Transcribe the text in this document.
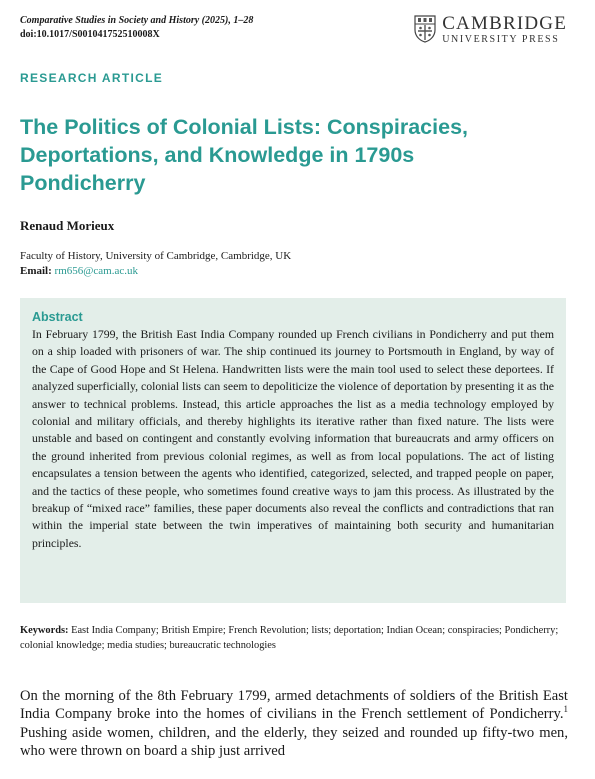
Comparative Studies in Society and History (2025), 1–28
doi:10.1017/S001041752510008X
CAMBRIDGE
UNIVERSITY PRESS
RESEARCH ARTICLE
The Politics of Colonial Lists: Conspiracies, Deportations, and Knowledge in 1790s Pondicherry
Renaud Morieux
Faculty of History, University of Cambridge, Cambridge, UK
Email: rm656@cam.ac.uk
Abstract

In February 1799, the British East India Company rounded up French civilians in Pondicherry and put them on a ship loaded with prisoners of war. The ship continued its journey to Portsmouth in England, by way of the Cape of Good Hope and St Helena. Handwritten lists were the main tool used to select these deportees. If analyzed superficially, colonial lists can seem to depoliticize the violence of deportation by presenting it as the answer to technical problems. Instead, this article approaches the list as a media technology employed by colonial and military officials, and thereby highlights its iterative rather than fixed nature. The lists were unstable and based on contingent and constantly evolving information that bureaucrats and army officers on the ground inherited from previous colonial regimes, as well as from local populations. The act of listing encapsulates a tension between the agents who identified, categorized, selected, and trapped people on paper, and the tactics of these people, who sometimes found creative ways to jam this process. As illustrated by the breakup of “mixed race” families, these paper documents also reveal the conflicts and contradictions that ran within the imperial state between the twin imperatives of maintaining both security and humanitarian principles.

Keywords: East India Company; British Empire; French Revolution; lists; deportation; Indian Ocean; conspiracies; Pondicherry; colonial knowledge; media studies; bureaucratic technologies

On the morning of the 8th February 1799, armed detachments of soldiers of the British East India Company broke into the homes of civilians in the French settlement of Pondicherry.$^1$ Pushing aside women, children, and the elderly, they seized and rounded up fifty-two men, who were thrown on board a ship just arrived
